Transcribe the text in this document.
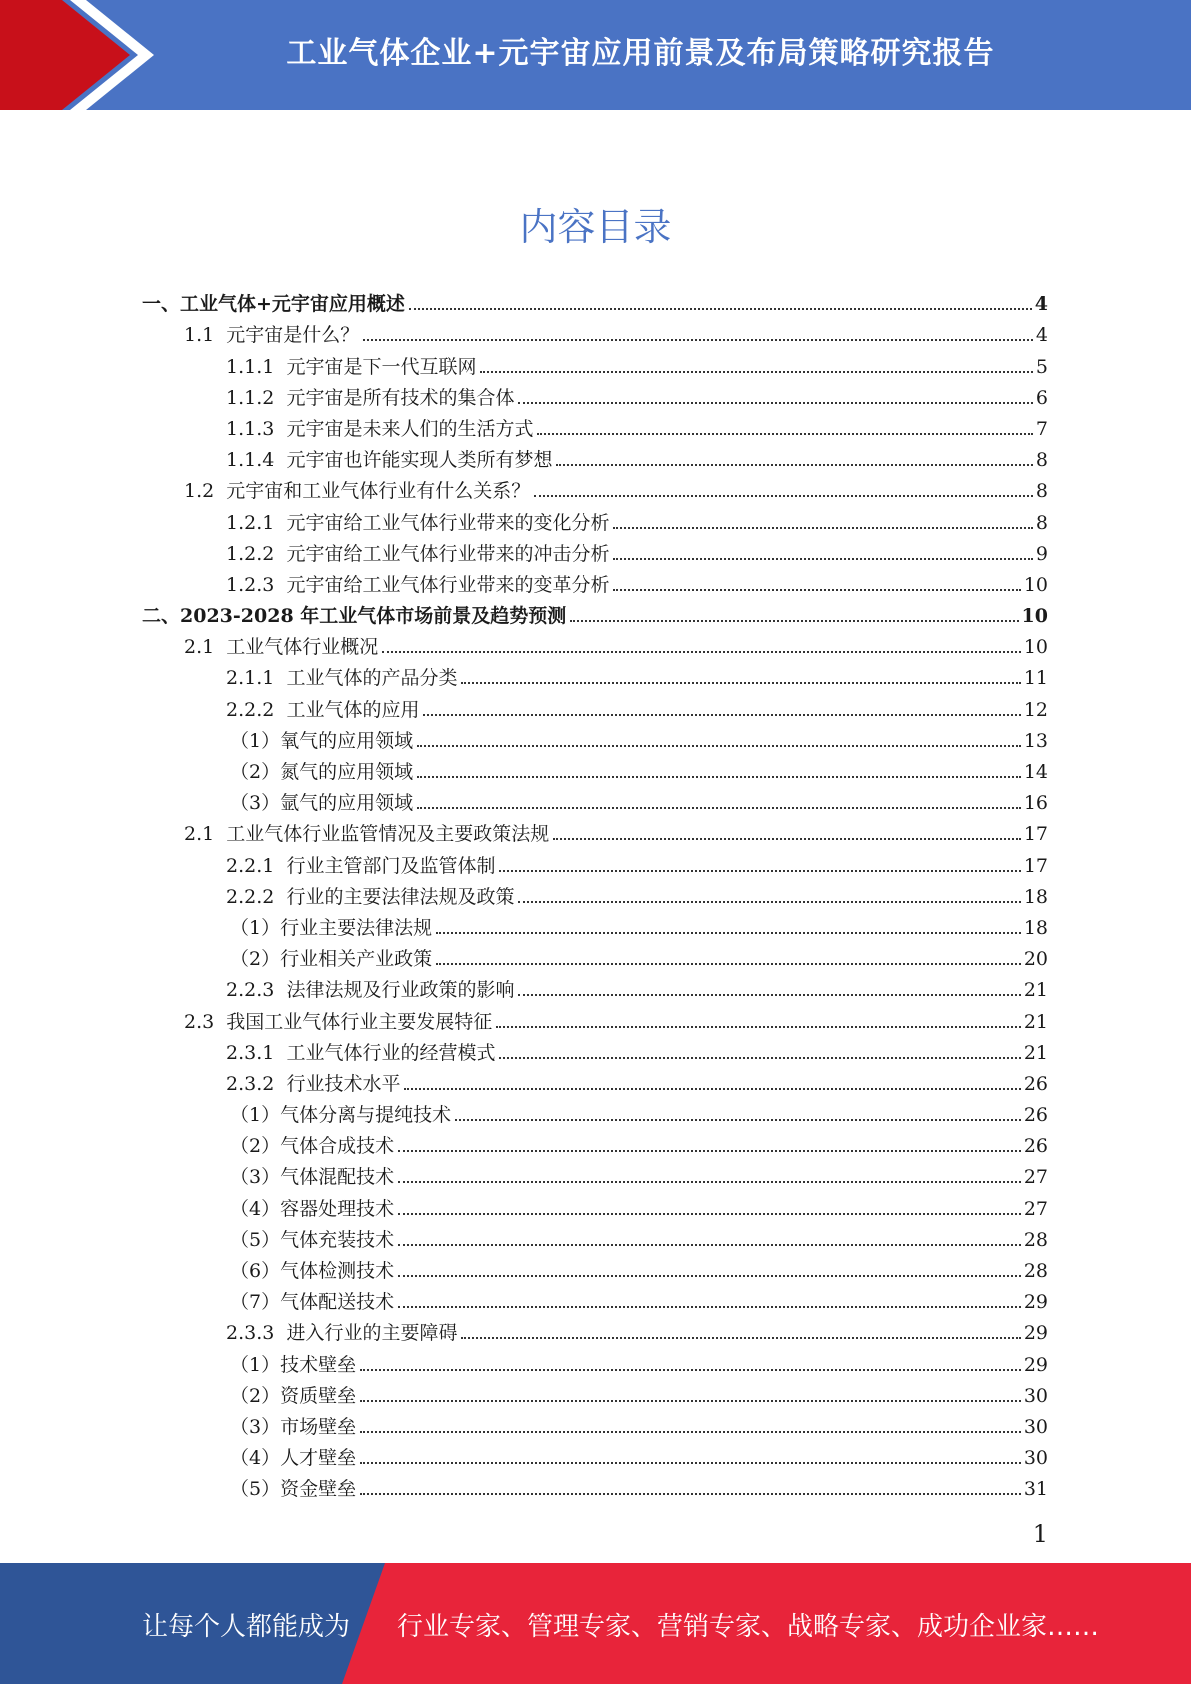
工业气体企业+元宇宙应用前景及布局策略研究报告
内容目录
一、 工业气体+元宇宙应用概述	4
1.1 元宇宙是什么？	4
1.1.1 元宇宙是下一代互联网	5
1.1.2 元宇宙是所有技术的集合体	6
1.1.3 元宇宙是未来人们的生活方式	7
1.1.4 元宇宙也许能实现人类所有梦想	8
1.2 元宇宙和工业气体行业有什么关系？	8
1.2.1 元宇宙给工业气体行业带来的变化分析	8
1.2.2 元宇宙给工业气体行业带来的冲击分析	9
1.2.3 元宇宙给工业气体行业带来的变革分析	10
二、 2023-2028 年工业气体市场前景及趋势预测	10
2.1 工业气体行业概况	10
2.1.1 工业气体的产品分类	11
2.2.2 工业气体的应用	12
（1） 氧气的应用领域	13
（2） 氮气的应用领域	14
（3） 氩气的应用领域	16
2.1 工业气体行业监管情况及主要政策法规	17
2.2.1 行业主管部门及监管体制	17
2.2.2 行业的主要法律法规及政策	18
（1） 行业主要法律法规	18
（2） 行业相关产业政策	20
2.2.3 法律法规及行业政策的影响	21
2.3 我国工业气体行业主要发展特征	21
2.3.1 工业气体行业的经营模式	21
2.3.2 行业技术水平	26
（1） 气体分离与提纯技术	26
（2） 气体合成技术	26
（3） 气体混配技术	27
（4） 容器处理技术	27
（5） 气体充装技术	28
（6） 气体检测技术	28
（7） 气体配送技术	29
2.3.3 进入行业的主要障碍	29
（1） 技术壁垒	29
（2） 资质壁垒	30
（3） 市场壁垒	30
（4） 人才壁垒	30
（5） 资金壁垒	31
1
让每个人都能成为 行业专家、管理专家、营销专家、战略专家、成功企业家……
